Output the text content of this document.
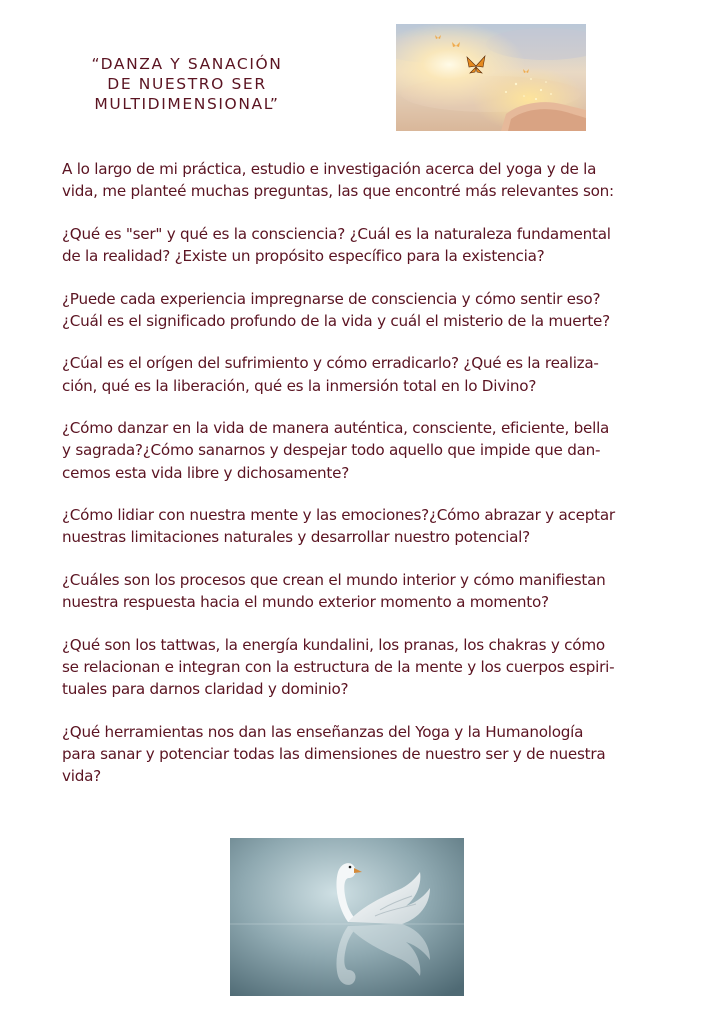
“DANZA Y SANACIÓN
DE NUESTRO SER
MULTIDIMENSIONAL”

A lo largo de mi práctica, estudio e investigación acerca del yoga y de la
vida, me planteé muchas preguntas, las que encontré más relevantes son:

¿Qué es "ser" y qué es la consciencia? ¿Cuál es la naturaleza fundamental
de la realidad? ¿Existe un propósito específico para la existencia?

¿Puede cada experiencia impregnarse de consciencia y cómo sentir eso?
¿Cuál es el significado profundo de la vida y cuál el misterio de la muerte?

¿Cúal es el orígen del sufrimiento y cómo erradicarlo? ¿Qué es la realiza-
ción, qué es la liberación, qué es la inmersión total en lo Divino?

¿Cómo danzar en la vida de manera auténtica, consciente, eficiente, bella
y sagrada?¿Cómo sanarnos y despejar todo aquello que impide que dan-
cemos esta vida libre y dichosamente?

¿Cómo lidiar con nuestra mente y las emociones?¿Cómo abrazar y aceptar
nuestras limitaciones naturales y desarrollar nuestro potencial?

¿Cuáles son los procesos que crean el mundo interior y cómo manifiestan
nuestra respuesta hacia el mundo exterior momento a momento?

¿Qué son los tattwas, la energía kundalini, los pranas, los chakras y cómo
se relacionan e integran con la estructura de la mente y los cuerpos espiri-
tuales para darnos claridad y dominio?

¿Qué herramientas nos dan las enseñanzas del Yoga y la Humanología
para sanar y potenciar todas las dimensiones de nuestro ser y de nuestra
vida?
